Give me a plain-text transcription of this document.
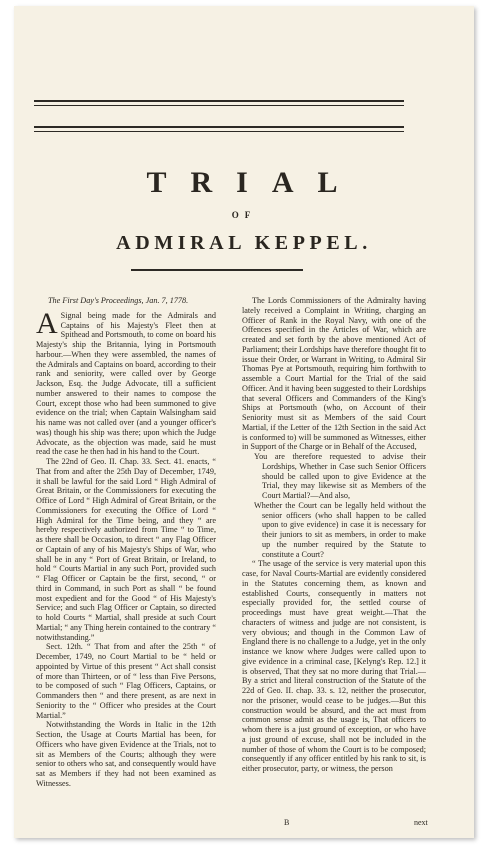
TRIAL
OF
ADMIRAL KEPPEL.

The First Day's Proceedings, Jan. 7, 1778.

A Signal being made for the Admirals and Captains of his Majesty's Fleet then at Spithead and Portsmouth, to come on board his Majesty's ship the Britannia, lying in Portsmouth harbour.—When they were assembled, the names of the Admirals and Captains on board, according to their rank and seniority, were called over by George Jackson, Esq. the Judge Advocate, till a sufficient number answered to their names to compose the Court, except those who had been summoned to give evidence on the trial; when Captain Walsingham said his name was not called over (and a younger officer's was) though his ship was there; upon which the Judge Advocate, as the objection was made, said he must read the case he then had in his hand to the Court.

The 22nd of Geo. II. Chap. 33. Sect. 41. enacts, “ That from and after the 25th Day of December, 1749, it shall be lawful for the said Lord “ High Admiral of Great Britain, or the Commissioners for executing the Office of Lord “ High Admiral of Great Britain, or the Commissioners for executing the Office of Lord “ High Admiral for the Time being, and they “ are hereby respectively authorized from Time “ to Time, as there shall be Occasion, to direct “ any Flag Officer or Captain of any of his Majesty's Ships of War, who shall be in any “ Port of Great Britain, or Ireland, to hold “ Courts Martial in any such Port, provided such “ Flag Officer or Captain be the first, second, “ or third in Command, in such Port as shall “ be found most expedient and for the Good “ of His Majesty's Service; and such Flag Officer or Captain, so directed to hold Courts “ Martial, shall preside at such Court Martial; “ any Thing herein contained to the contrary “ notwithstanding.”

Sect. 12th. “ That from and after the 25th “ of December, 1749, no Court Martial to be “ held or appointed by Virtue of this present “ Act shall consist of more than Thirteen, or of “ less than Five Persons, to be composed of such “ Flag Officers, Captains, or Commanders then “ and there present, as are next in Seniority to the “ Officer who presides at the Court Martial.”

Notwithstanding the Words in Italic in the 12th Section, the Usage at Courts Martial has been, for Officers who have given Evidence at the Trials, not to sit as Members of the Courts; although they were senior to others who sat, and consequently would have sat as Members if they had not been examined as Witnesses.

The Lords Commissioners of the Admiralty having lately received a Complaint in Writing, charging an Officer of Rank in the Royal Navy, with one of the Offences specified in the Articles of War, which are created and set forth by the above mentioned Act of Parliament; their Lordships have therefore thought fit to issue their Order, or Warrant in Writing, to Admiral Sir Thomas Pye at Portsmouth, requiring him forthwith to assemble a Court Martial for the Trial of the said Officer. And it having been suggested to their Lordships that several Officers and Commanders of the King's Ships at Portsmouth (who, on Account of their Seniority must sit as Members of the said Court Martial, if the Letter of the 12th Section in the said Act is conformed to) will be summoned as Witnesses, either in Support of the Charge or in Behalf of the Accused,

You are therefore requested to advise their Lordships, Whether in Case such Senior Officers should be called upon to give Evidence at the Trial, they may likewise sit as Members of the Court Martial?—And also,

Whether the Court can be legally held without the senior officers (who shall happen to be called upon to give evidence) in case it is necessary for their juniors to sit as members, in order to make up the number required by the Statute to constitute a Court?

“ The usage of the service is very material upon this case, for Naval Courts-Martial are evidently considered in the Statutes concerning them, as known and established Courts, consequently in matters not especially provided for, the settled course of proceedings must have great weight.—That the characters of witness and judge are not consistent, is very obvious; and though in the Common Law of England there is no challenge to a Judge, yet in the only instance we know where Judges were called upon to give evidence in a criminal case, [Kelyng's Rep. 12.] it is observed, That they sat no more during that Trial.—By a strict and literal construction of the Statute of the 22d of Geo. II. chap. 33. s. 12, neither the prosecutor, nor the prisoner, would cease to be judges.—But this construction would be absurd, and the act must from common sense admit as the usage is, That officers to whom there is a just ground of exception, or who have a just ground of excuse, shall not be included in the number of those of whom the Court is to be composed; consequently if any officer entitled by his rank to sit, is either prosecutor, party, or witness, the person

B	next
